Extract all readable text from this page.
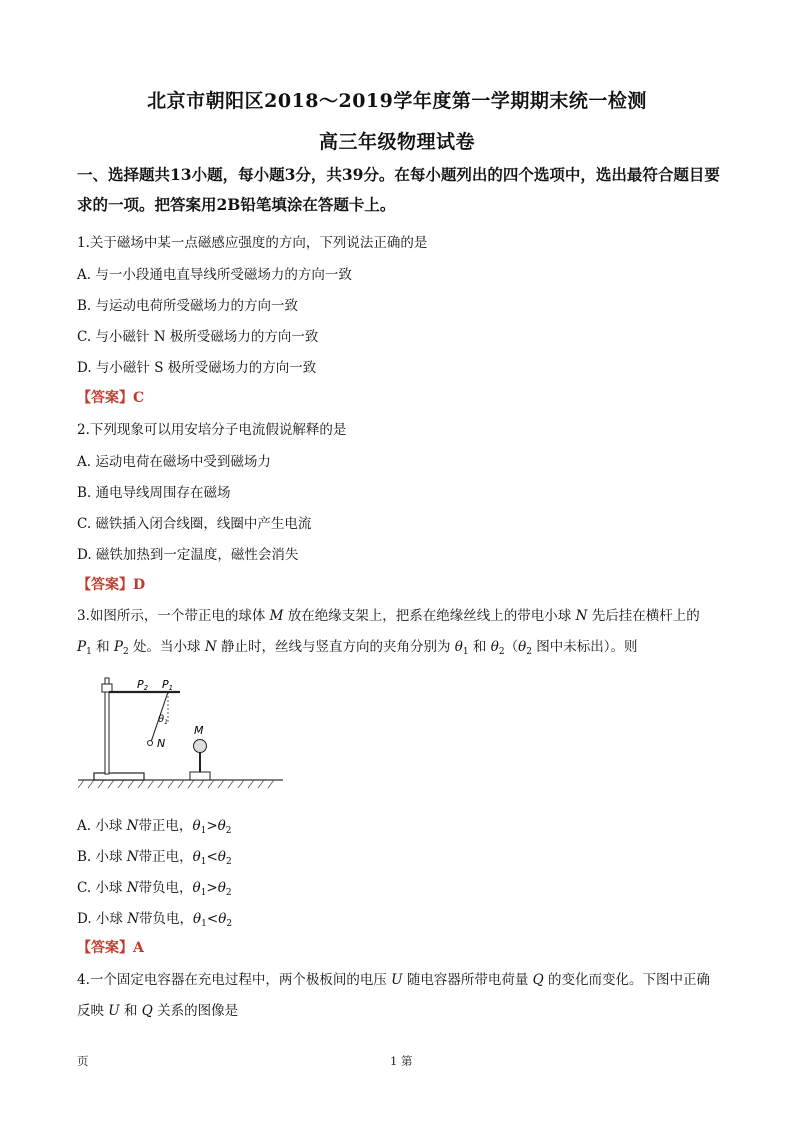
北京市朝阳区2018～2019学年度第一学期期末统一检测
高三年级物理试卷
一、选择题共13小题，每小题3分，共39分。在每小题列出的四个选项中，选出最符合题目要求的一项。把答案用2B铅笔填涂在答题卡上。
1.关于磁场中某一点磁感应强度的方向，下列说法正确的是
A. 与一小段通电直导线所受磁场力的方向一致
B. 与运动电荷所受磁场力的方向一致
C. 与小磁针 N 极所受磁场力的方向一致
D. 与小磁针 S 极所受磁场力的方向一致
【答案】C
2.下列现象可以用安培分子电流假说解释的是
A. 运动电荷在磁场中受到磁场力
B. 通电导线周围存在磁场
C. 磁铁插入闭合线圈，线圈中产生电流
D. 磁铁加热到一定温度，磁性会消失
【答案】D
3.如图所示，一个带正电的球体 M 放在绝缘支架上，把系在绝缘丝线上的带电小球 N 先后挂在横杆上的
$P_1$ 和 $P_2$ 处。当小球 N 静止时，丝线与竖直方向的夹角分别为 $\theta_1$ 和 $\theta_2(\theta_2$ 图中未标出）。则
P2 P1
$\theta_1$
N
M
A. 小球 N带正电，$\theta_1>\theta_2$
B. 小球 N带正电，$\theta_1<\theta_2$
C. 小球 N带负电，$\theta_1>\theta_2$
D. 小球 N带负电，$\theta_1<\theta_2$
【答案】A
4.一个固定电容器在充电过程中，两个极板间的电压 U 随电容器所带电荷量 Q 的变化而变化。下图中正确
反映 U 和 Q 关系的图像是
页	1 第
